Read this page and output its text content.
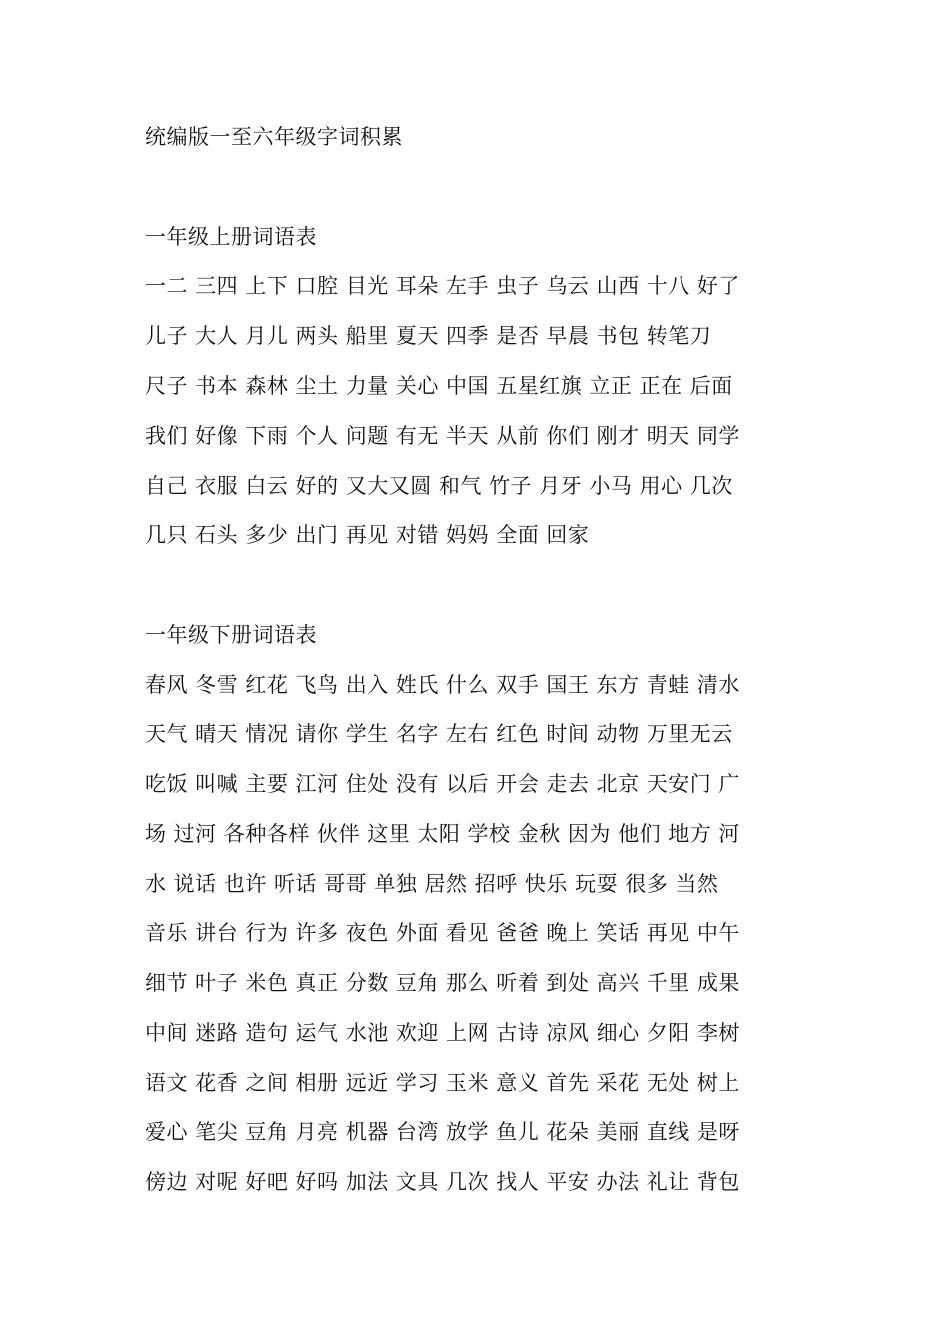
统编版一至六年级字词积累
一年级上册词语表
一二 三四 上下 口腔 目光 耳朵 左手 虫子 乌云 山西 十八 好了
儿子 大人 月儿 两头 船里 夏天 四季 是否 早晨 书包 转笔刀
尺子 书本 森林 尘土 力量 关心 中国 五星红旗 立正 正在 后面
我们 好像 下雨 个人 问题 有无 半天 从前 你们 刚才 明天 同学
自己 衣服 白云 好的 又大又圆 和气 竹子 月牙 小马 用心 几次
几只 石头 多少 出门 再见 对错 妈妈 全面 回家
一年级下册词语表
春风 冬雪 红花 飞鸟 出入 姓氏 什么 双手 国王 东方 青蛙 清水
天气 晴天 情况 请你 学生 名字 左右 红色 时间 动物 万里无云
吃饭 叫喊 主要 江河 住处 没有 以后 开会 走去 北京 天安门 广
场 过河 各种各样 伙伴 这里 太阳 学校 金秋 因为 他们 地方 河
水 说话 也许 听话 哥哥 单独 居然 招呼 快乐 玩耍 很多 当然
音乐 讲台 行为 许多 夜色 外面 看见 爸爸 晚上 笑话 再见 中午
细节 叶子 米色 真正 分数 豆角 那么 听着 到处 高兴 千里 成果
中间 迷路 造句 运气 水池 欢迎 上网 古诗 凉风 细心 夕阳 李树
语文 花香 之间 相册 远近 学习 玉米 意义 首先 采花 无处 树上
爱心 笔尖 豆角 月亮 机器 台湾 放学 鱼儿 花朵 美丽 直线 是呀
傍边 对呢 好吧 好吗 加法 文具 几次 找人 平安 办法 礼让 背包
